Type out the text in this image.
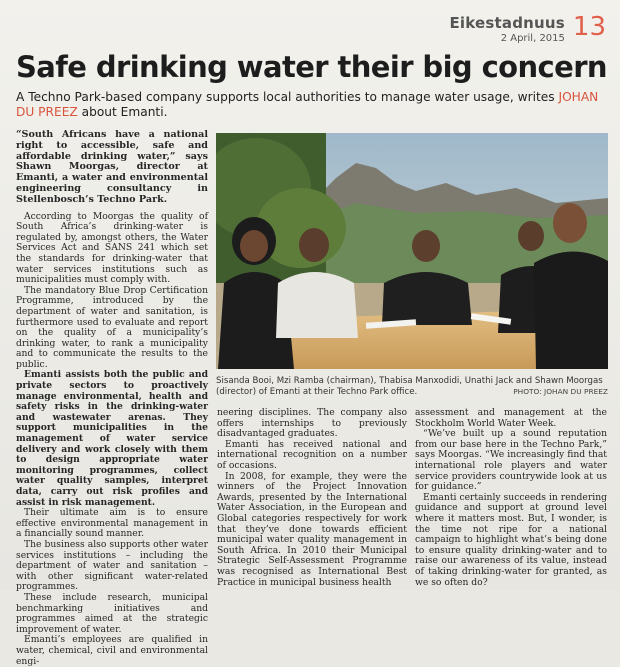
Eikestadnuus
2 April, 2015 13
Safe drinking water their big concern
A Techno Park-based company supports local authorities to manage water usage, writes JOHAN DU PREEZ about Emanti.

“South Africans have a national right to accessible, safe and affordable drinking water,” says Shawn Moorgas, director at Emanti, a water and environmental engineering consultancy in Stellenbosch’s Techno Park.

According to Moorgas the quality of South Africa’s drinking-water is regulated by, amongst others, the Water Services Act and SANS 241 which set the standards for drinking-water that water services institutions such as municipalities must comply with.

The mandatory Blue Drop Certification Programme, introduced by the department of water and sanitation, is furthermore used to evaluate and report on the quality of a municipality’s drinking water, to rank a municipality and to communicate the results to the public.

Emanti assists both the public and private sectors to proactively manage environmental, health and safety risks in the drinking-water and wastewater arenas. They support municipalities in the management of water service delivery and work closely with them to design appropriate water monitoring programmes, collect water quality samples, interpret data, carry out risk profiles and assist in risk management.

Their ultimate aim is to ensure effective environmental management in a financially sound manner.

The business also supports other water services institutions – including the department of water and sanitation – with other significant water-related programmes.

These include research, municipal benchmarking initiatives and programmes aimed at the strategic improvement of water.

Emanti’s employees are qualified in water, chemical, civil and environmental engi-

Sisanda Booi, Mzi Ramba (chairman), Thabisa Manxodidi, Unathi Jack and Shawn Moorgas (director) of Emanti at their Techno Park office.	PHOTO: JOHAN DU PREEZ

neering disciplines. The company also offers internships to previously disadvantaged graduates.

Emanti has received national and international recognition on a number of occasions.

In 2008, for example, they were the winners of the Project Innovation Awards, presented by the International Water Association, in the European and Global categories respectively for work that they’ve done towards efficient municipal water quality management in South Africa. In 2010 their Municipal Strategic Self-Assessment Programme was recognised as International Best Practice in municipal business health

assessment and management at the Stockholm World Water Week.

“We’ve built up a sound reputation from our base here in the Techno Park,” says Moorgas. “We increasingly find that international role players and water service providers countrywide look at us for guidance.”

Emanti certainly succeeds in rendering guidance and support at ground level where it matters most. But, I wonder, is the time not ripe for a national campaign to highlight what’s being done to ensure quality drinking-water and to raise our awareness of its value, instead of taking drinking-water for granted, as we so often do?
